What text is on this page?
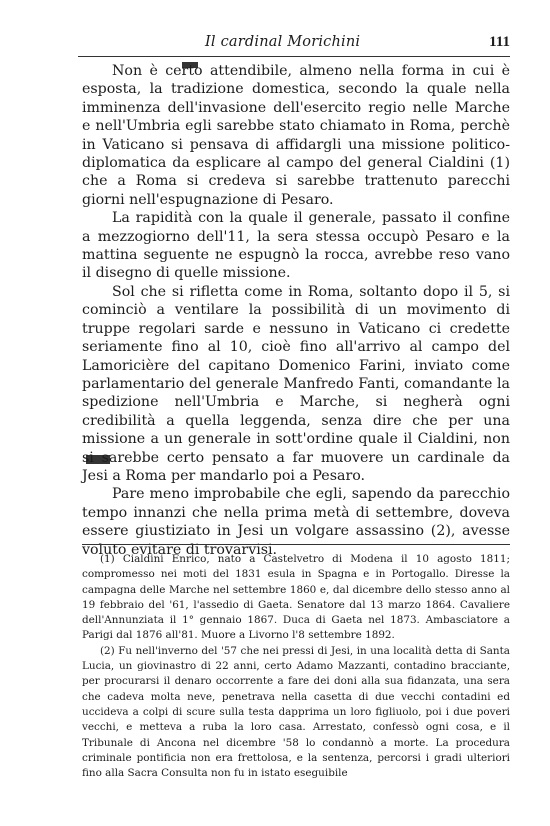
Il cardinal Morichini	111

Non è certo attendibile, almeno nella forma in cui è esposta, la tradizione domestica, secondo la quale nella imminenza dell'invasione dell'esercito regio nelle Marche e nell'Umbria egli sarebbe stato chiamato in Roma, perchè in Vaticano si pensava di affidargli una missione politico-diplomatica da esplicare al campo del general Cialdini (1) che a Roma si credeva si sarebbe trattenuto parecchi giorni nell'espugnazione di Pesaro.

La rapidità con la quale il generale, passato il confine a mezzogiorno dell'11, la sera stessa occupò Pesaro e la mattina seguente ne espugnò la rocca, avrebbe reso vano il disegno di quelle missione.

Sol che si rifletta come in Roma, soltanto dopo il 5, si cominciò a ventilare la possibilità di un movimento di truppe regolari sarde e nessuno in Vaticano ci credette seriamente fino al 10, cioè fino all'arrivo al campo del Lamoricière del capitano Domenico Farini, inviato come parlamentario del generale Manfredo Fanti, comandante la spedizione nell'Umbria e Marche, si negherà ogni credibilità a quella leggenda, senza dire che per una missione a un generale in sott'ordine quale il Cialdini, non si sarebbe certo pensato a far muovere un cardinale da Jesi a Roma per mandarlo poi a Pesaro.

Pare meno improbabile che egli, sapendo da parecchio tempo innanzi che nella prima metà di settembre, doveva essere giustiziato in Jesi un volgare assassino (2), avesse voluto evitare di trovarvisi.

(1) Cialdini Enrico, nato a Castelvetro di Modena il 10 agosto 1811; compromesso nei moti del 1831 esula in Spagna e in Portogallo. Diresse la campagna delle Marche nel settembre 1860 e, dal dicembre dello stesso anno al 19 febbraio del '61, l'assedio di Gaeta. Senatore dal 13 marzo 1864. Cavaliere dell'Annunziata il 1° gennaio 1867. Duca di Gaeta nel 1873. Ambasciatore a Parigi dal 1876 all'81. Muore a Livorno l'8 settembre 1892.

(2) Fu nell'inverno del '57 che nei pressi di Jesi, in una località detta di Santa Lucia, un giovinastro di 22 anni, certo Adamo Mazzanti, contadino bracciante, per procurarsi il denaro occorrente a fare dei doni alla sua fidanzata, una sera che cadeva molta neve, penetrava nella casetta di due vecchi contadini ed uccideva a colpi di scure sulla testa dapprima un loro figliuolo, poi i due poveri vecchi, e metteva a ruba la loro casa. Arrestato, confessò ogni cosa, e il Tribunale di Ancona nel dicembre '58 lo condannò a morte. La procedura criminale pontificia non era frettolosa, e la sentenza, percorsi i gradi ulteriori fino alla Sacra Consulta non fu in istato eseguibile
